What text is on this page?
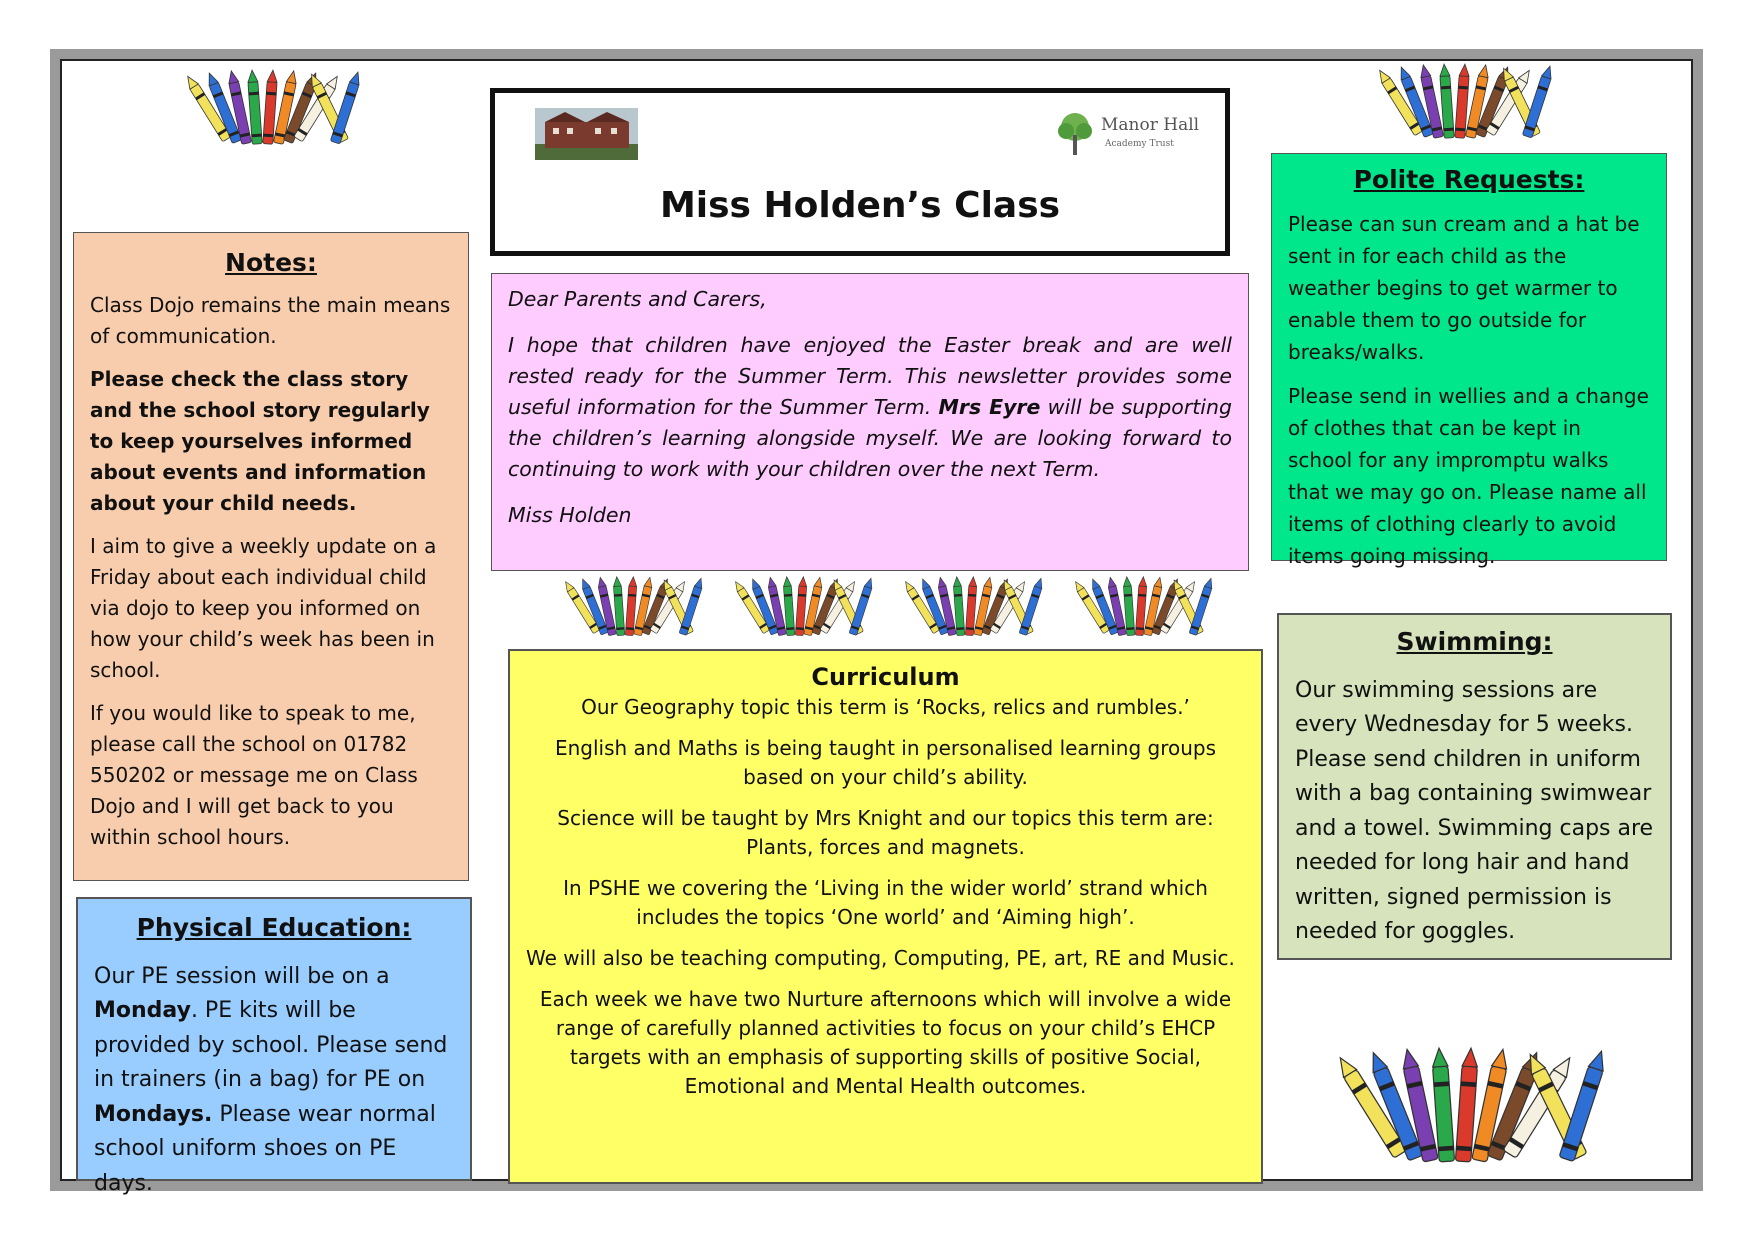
Manor Hall
Academy Trust
Miss Holden’s Class

Dear Parents and Carers,

I hope that children have enjoyed the Easter break and are well rested ready for the Summer Term. This newsletter provides some useful information for the Summer Term. Mrs Eyre will be supporting the children’s learning alongside myself. We are looking forward to continuing to work with your children over the next Term.

Miss Holden

Notes:

Class Dojo remains the main means of communication.

Please check the class story and the school story regularly to keep yourselves informed about events and information about your child needs.

I aim to give a weekly update on a Friday about each individual child via dojo to keep you informed on how your child’s week has been in school.

If you would like to speak to me, please call the school on 01782 550202 or message me on Class Dojo and I will get back to you within school hours.

Physical Education:

Our PE session will be on a Monday. PE kits will be provided by school. Please send in trainers (in a bag) for PE on Mondays. Please wear normal school uniform shoes on PE days.

Curriculum

Our Geography topic this term is ‘Rocks, relics and rumbles.’

English and Maths is being taught in personalised learning groups based on your child’s ability.

Science will be taught by Mrs Knight and our topics this term are: Plants, forces and magnets.

In PSHE we covering the ‘Living in the wider world’ strand which includes the topics ‘One world’ and ‘Aiming high’.

We will also be teaching computing, Computing, PE, art, RE and Music.

Each week we have two Nurture afternoons which will involve a wide range of carefully planned activities to focus on your child’s EHCP targets with an emphasis of supporting skills of positive Social, Emotional and Mental Health outcomes.

Polite Requests:

Please can sun cream and a hat be sent in for each child as the weather begins to get warmer to enable them to go outside for breaks/walks.

Please send in wellies and a change of clothes that can be kept in school for any impromptu walks that we may go on. Please name all items of clothing clearly to avoid items going missing.

Swimming:

Our swimming sessions are every Wednesday for 5 weeks. Please send children in uniform with a bag containing swimwear and a towel. Swimming caps are needed for long hair and hand written, signed permission is needed for goggles.
